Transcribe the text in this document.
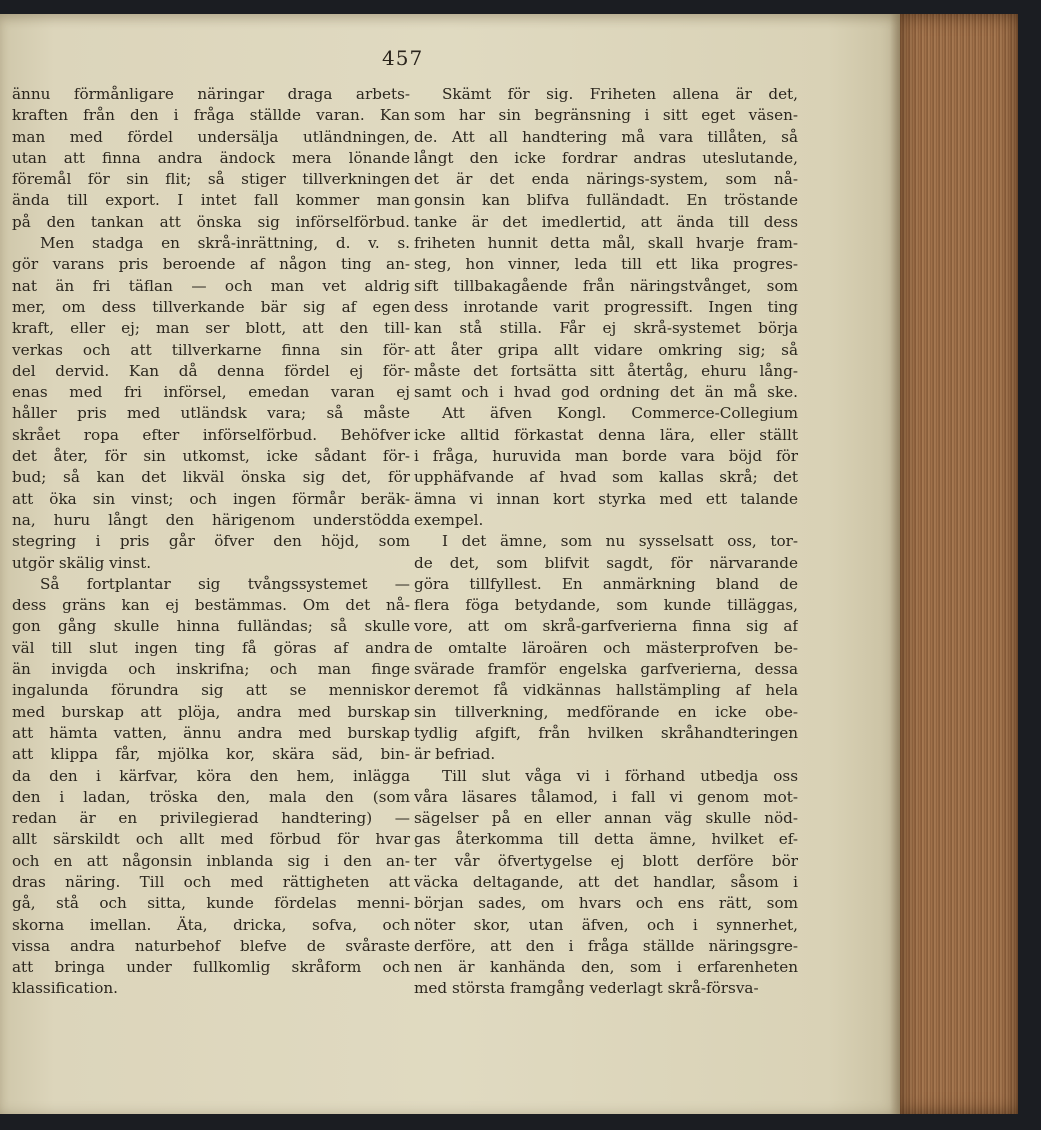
457
ännu förmånligare näringar draga arbets-
kraften från den i fråga ställde varan. Kan
man med fördel undersälja utländningen,
utan att finna andra ändock mera lönande
föremål för sin flit; så stiger tillverkningen
ända till export. I intet fall kommer man
på den tankan att önska sig införselförbud.
Men stadga en skrå-inrättning, d. v. s.
gör varans pris beroende af någon ting an-
nat än fri täflan — och man vet aldrig
mer, om dess tillverkande bär sig af egen
kraft, eller ej; man ser blott, att den till-
verkas och att tillverkarne finna sin för-
del dervid. Kan då denna fördel ej för-
enas med fri införsel, emedan varan ej
håller pris med utländsk vara; så måste
skrået ropa efter införselförbud. Behöfver
det åter, för sin utkomst, icke sådant för-
bud; så kan det likväl önska sig det, för
att öka sin vinst; och ingen förmår beräk-
na, huru långt den härigenom understödda
stegring i pris går öfver den höjd, som
utgör skälig vinst.
Så fortplantar sig tvångssystemet —
dess gräns kan ej bestämmas. Om det nå-
gon gång skulle hinna fulländas; så skulle
väl till slut ingen ting få göras af andra
än invigda och inskrifna; och man finge
ingalunda förundra sig att se menniskor
med burskap att plöja, andra med burskap
att hämta vatten, ännu andra med burskap
att klippa får, mjölka kor, skära säd, bin-
da den i kärfvar, köra den hem, inlägga
den i ladan, tröska den, mala den (som
redan är en privilegierad handtering) —
allt särskildt och allt med förbud för hvar
och en att någonsin inblanda sig i den an-
dras näring. Till och med rättigheten att
gå, stå och sitta, kunde fördelas menni-
skorna imellan. Äta, dricka, sofva, och
vissa andra naturbehof blefve de svåraste
att bringa under fullkomlig skråform och
klassification.
Skämt för sig. Friheten allena är det,
som har sin begränsning i sitt eget väsen-
de. Att all handtering må vara tillåten, så
långt den icke fordrar andras uteslutande,
det är det enda närings-system, som nå-
gonsin kan blifva fulländadt. En tröstande
tanke är det imedlertid, att ända till dess
friheten hunnit detta mål, skall hvarje fram-
steg, hon vinner, leda till ett lika progres-
sift tillbakagående från näringstvånget, som
dess inrotande varit progressift. Ingen ting
kan stå stilla. Får ej skrå-systemet börja
att åter gripa allt vidare omkring sig; så
måste det fortsätta sitt återtåg, ehuru lång-
samt och i hvad god ordning det än må ske.
Att äfven Kongl. Commerce-Collegium
icke alltid förkastat denna lära, eller ställt
i fråga, huruvida man borde vara böjd för
upphäfvande af hvad som kallas skrå; det
ämna vi innan kort styrka med ett talande
exempel.
I det ämne, som nu sysselsatt oss, tor-
de det, som blifvit sagdt, för närvarande
göra tillfyllest. En anmärkning bland de
flera föga betydande, som kunde tilläggas,
vore, att om skrå-garfverierna finna sig af
de omtalte läroären och mästerprofven be-
svärade framför engelska garfverierna, dessa
deremot få vidkännas hallstämpling af hela
sin tillverkning, medförande en icke obe-
tydlig afgift, från hvilken skråhandteringen
är befriad.
Till slut våga vi i förhand utbedja oss
våra läsares tålamod, i fall vi genom mot-
sägelser på en eller annan väg skulle nöd-
gas återkomma till detta ämne, hvilket ef-
ter vår öfvertygelse ej blott derföre bör
väcka deltagande, att det handlar, såsom i
början sades, om hvars och ens rätt, som
nöter skor, utan äfven, och i synnerhet,
derföre, att den i fråga ställde näringsgre-
nen är kanhända den, som i erfarenheten
med största framgång vederlagt skrå-försva-
